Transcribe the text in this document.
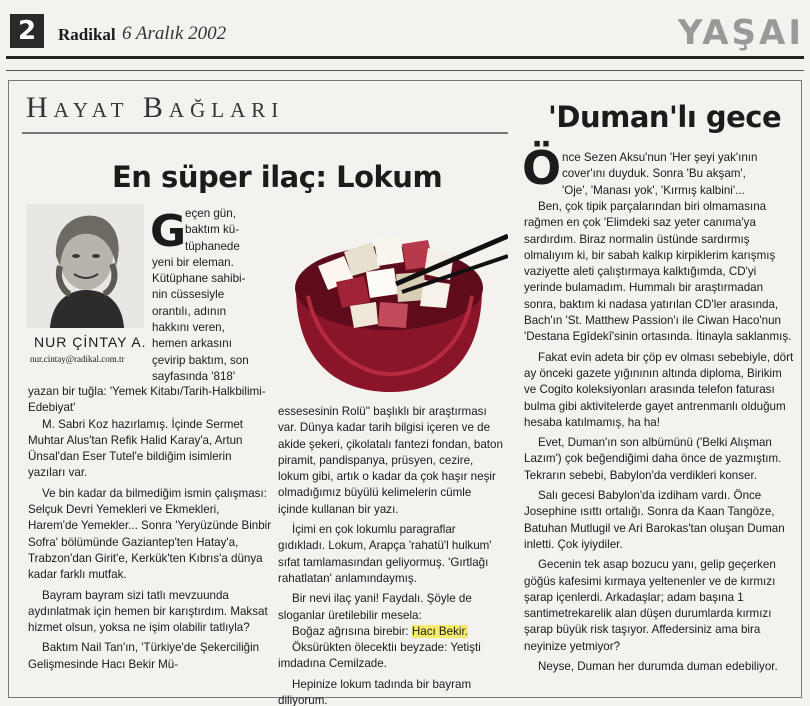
2	Radikal 6 Aralık 2002	YAŞAI
Hayat Bağları
En süper ilaç: Lokum
NUR ÇİNTAY A.
nur.cintay@radikal.com.tr
G

eçen gün,

baktım kü-

tüphanede

yeni bir eleman.

Kütüphane sahibi-

nin cüssesiyle

orantılı, adının

hakkını veren,

hemen arkasını

çevirip baktım, son

sayfasında '818'

yazan bir tuğla: 'Yemek Kitabı/Tarih-Halkbilimi-Edebiyat'

M. Sabri Koz hazırlamış. İçinde Sermet Muhtar Alus'tan Refik Halid Karay'a, Artun Ünsal'dan Eser Tutel'e bildiğim isimlerin yazıları var.

Ve bin kadar da bilmediğim ismin çalışması: Selçuk Devri Yemekleri ve Ekmekleri, Harem'de Yemekler... Sonra 'Yeryüzünde Binbir Sofra' bölümünde Gaziantep'ten Hatay'a, Trabzon'dan Girit'e, Kerkük'ten Kıbrıs'a dünya kadar farklı mutfak.

Bayram bayram sizi tatlı mevzuunda aydınlatmak için hemen bir karıştırdım. Maksat hizmet olsun, yoksa ne işim olabilir tatlıyla?

Baktım Nail Tan'ın, 'Türkiye'de Şekerciliğin Gelişmesinde Hacı Bekir Mü-

essesesinin Rolü'' başlıklı bir araştırması var. Dünya kadar tarih bilgisi içeren ve de akide şekeri, çikolatalı fantezi fondan, baton piramit, pandispanya, prüsyen, cezire, lokum gibi, artık o kadar da çok haşır neşir olmadığımız büyülü kelimelerin cümle içinde kullanan bir yazı.

İçimi en çok lokumlu paragraflar gıdıkladı. Lokum, Arapça 'rahatü'l hulkum' sıfat tamlamasından geliyormuş. 'Gırtlağı rahatlatan' anlamındaymış.

Bir nevi ilaç yani! Faydalı. Şöyle de sloganlar üretilebilir mesela:

Boğaz ağrısına birebir: Hacı Bekir.

Öksürükten ölecektiı beyzade: Yetişti imdadına Cemilzade.

Hepinize lokum tadında bir bayram diliyorum.

'Duman'lı gece
Ö nce Sezen Aksu'nun 'Her şeyi yak'ının

cover'ını duyduk. Sonra 'Bu akşam',

'Oje', 'Manası yok', 'Kırmış kalbini'...

Ben, çok tipik parçalarından biri olmamasına rağmen en çok 'Elimdeki saz yeter canıma'ya sardırdım. Biraz normalin üstünde sardırmış olmalıyım ki, bir sabah kalkıp kirpiklerim karışmış vaziyette aleti çalıştırmaya kalktığımda, CD'yi yerinde bulamadım. Hummalı bir araştırmadan sonra, baktım ki nadasa yatırılan CD'ler arasında, Bach'ın 'St. Matthew Passion'ı ile Ciwan Haco'nun 'Destana Egîdekî'sinin ortasında. İtinayla saklanmış.

Fakat evin adeta bir çöp ev olması sebebiyle, dört ay önceki gazete yığınının altında diploma, Birikim ve Cogito koleksiyonları arasında telefon faturası bulma gibi aktivitelerde gayet antrenmanlı olduğum hesaba katılmamış, ha ha!

Evet, Duman'ın son albümünü ('Belki Alışman Lazım') çok beğendiğimi daha önce de yazmıştım. Tekrarın sebebi, Babylon'da verdikleri konser.

Salı gecesi Babylon'da izdiham vardı. Önce Josephine ısıttı ortalığı. Sonra da Kaan Tangöze, Batuhan Mutlugil ve Ari Barokas'tan oluşan Duman inletti. Çok iyiydiler.

Gecenin tek asap bozucu yanı, gelip geçerken göğüs kafesimi kırmaya yeltenenler ve de kırmızı şarap içenlerdi. Arkadaşlar; adam başına 1 santimetrekarelik alan düşen durumlarda kırmızı şarap büyük risk taşıyor. Affedersiniz ama bira neyinize yetmiyor?

Neyse, Duman her durumda duman edebiliyor.
